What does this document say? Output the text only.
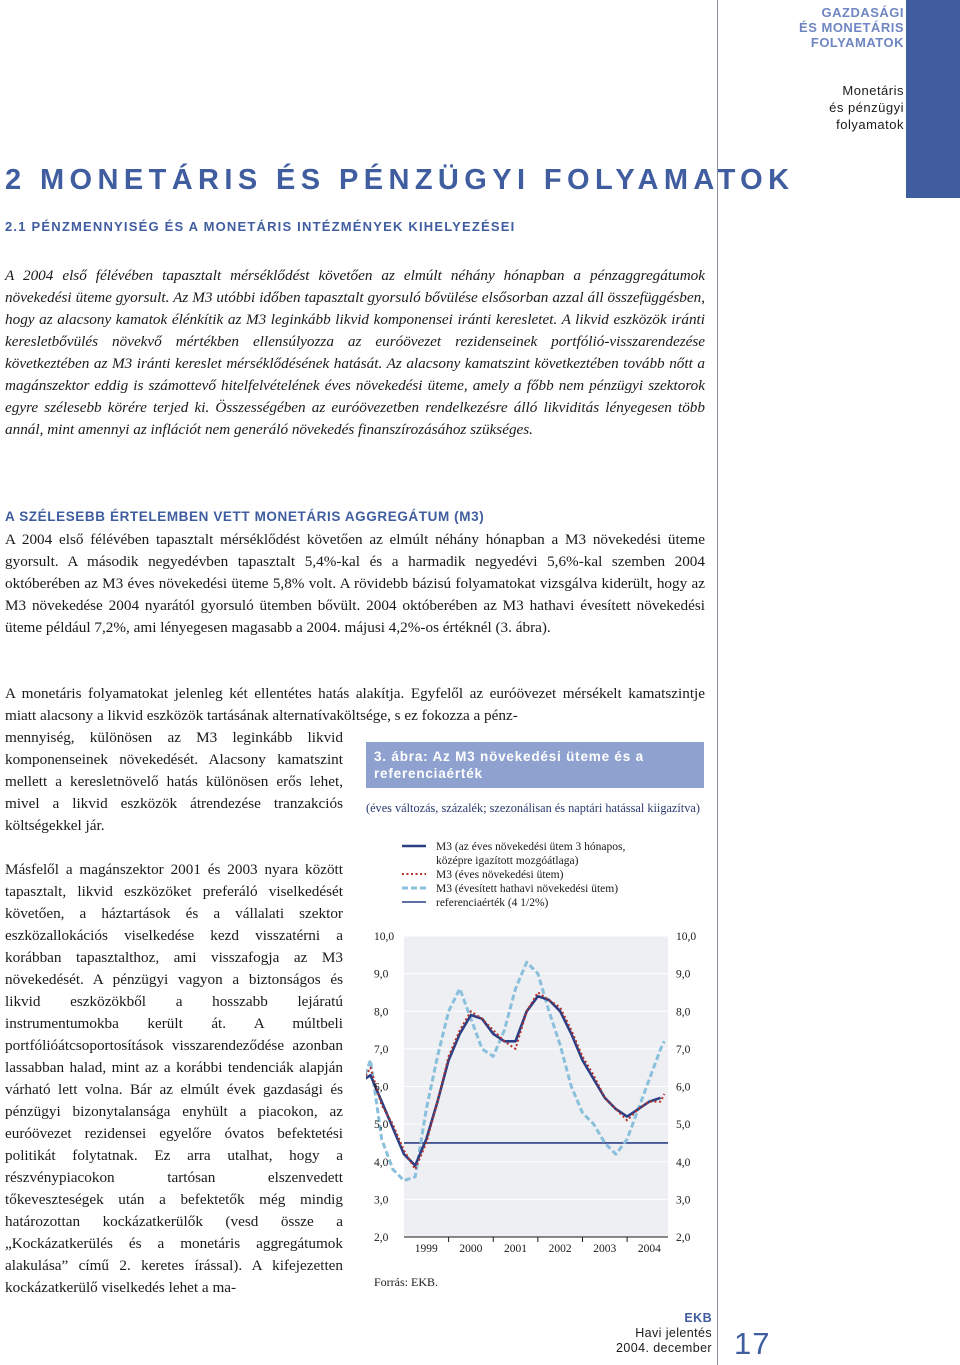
GAZDASÁGI
ÉS MONETÁRIS
FOLYAMATOK
Monetáris
és pénzügyi
folyamatok
2 MONETÁRIS ÉS PÉNZÜGYI FOLYAMATOK
2.1 PÉNZMENNYISÉG ÉS A MONETÁRIS INTÉZMÉNYEK KIHELYEZÉSEI

A 2004 első félévében tapasztalt mérséklődést követően az elmúlt néhány hónapban a pénzaggregátumok növekedési üteme gyorsult. Az M3 utóbbi időben tapasztalt gyorsuló bővülése elsősorban azzal áll összefüggésben, hogy az alacsony kamatok élénkítik az M3 leginkább likvid komponensei iránti keresletet. A likvid eszközök iránti keresletbővülés növekvő mértékben ellensúlyozza az euróövezet rezidenseinek portfólió-visszarendezése következtében az M3 iránti kereslet mérséklődésének hatását. Az alacsony kamatszint következtében tovább nőtt a magánszektor eddig is számottevő hitelfelvételének éves növekedési üteme, amely a főbb nem pénzügyi szektorok egyre szélesebb körére terjed ki. Összességében az euróövezetben rendelkezésre álló likviditás lényegesen több annál, mint amennyi az inflációt nem generáló növekedés finanszírozásához szükséges.

A SZÉLESEBB ÉRTELEMBEN VETT MONETÁRIS AGGREGÁTUM (M3)

A 2004 első félévében tapasztalt mérséklődést követően az elmúlt néhány hónapban a M3 növekedési üteme gyorsult. A második negyedévben tapasztalt 5,4%-kal és a harmadik negyedévi 5,6%-kal szemben 2004 októberében az M3 éves növekedési üteme 5,8% volt. A rövidebb bázisú folyamatokat vizsgálva kiderült, hogy az M3 növekedése 2004 nyarától gyorsuló ütemben bővült. 2004 októberében az M3 hathavi évesített növekedési üteme például 7,2%, ami lényegesen magasabb a 2004. májusi 4,2%-os értéknél (3. ábra).

A monetáris folyamatokat jelenleg két ellentétes hatás alakítja. Egyfelől az euróövezet mérsékelt kamatszintje miatt alacsony a likvid eszközök tartásának alternatívaköltsége, s ez fokozza a pénz-

mennyiség, különösen az M3 leginkább likvid komponenseinek növekedését. Alacsony kamatszint mellett a keresletnövelő hatás különösen erős lehet, mivel a likvid eszközök átrendezése tranzakciós költségekkel jár.

Másfelől a magánszektor 2001 és 2003 nyara között tapasztalt, likvid eszközöket preferáló viselkedését követően, a háztartások és a vállalati szektor eszközallokációs viselkedése kezd visszatérni a korábban tapasztalthoz, ami visszafogja az M3 növekedését. A pénzügyi vagyon a biztonságos és likvid eszközökből a hosszabb lejáratú instrumentumokba került át. A múltbeli portfólióátcsoportosítások visszarendeződése azonban lassabban halad, mint az a korábbi tendenciák alapján várható lett volna. Bár az elmúlt évek gazdasági és pénzügyi bizonytalansága enyhült a piacokon, az euróövezet rezidensei egyelőre óvatos befektetési politikát folytatnak. Ez arra utalhat, hogy a részvénypiacokon tartósan elszenvedett tőkeveszteségek után a befektetők még mindig határozottan kockázatkerülők (vesd össze a „Kockázatkerülés és a monetáris aggregátumok alakulása” című 2. keretes írással). A kifejezetten kockázatkerülő viselkedés lehet a ma-

3. ábra: Az M3 növekedési üteme és a referenciaérték
(éves változás, százalék; szezonálisan és naptári hatással kiigazítva)
M3 (az éves növekedési ütem 3 hónapos,
középre igazított mozgóátlaga)
M3 (éves növekedési ütem)
M3 (évesített hathavi növekedési ütem)
referenciaérték (4 1/2%)
2,0	2,0
3,0	3,0
4,0	4,0
5,0	5,0
6,0	6,0
7,0	7,0
8,0	8,0
9,0	9,0
10,0	10,0
1999 2000 2001 2002 2003 2004
Forrás: EKB.
EKB
Havi jelentés
2004. december 17
